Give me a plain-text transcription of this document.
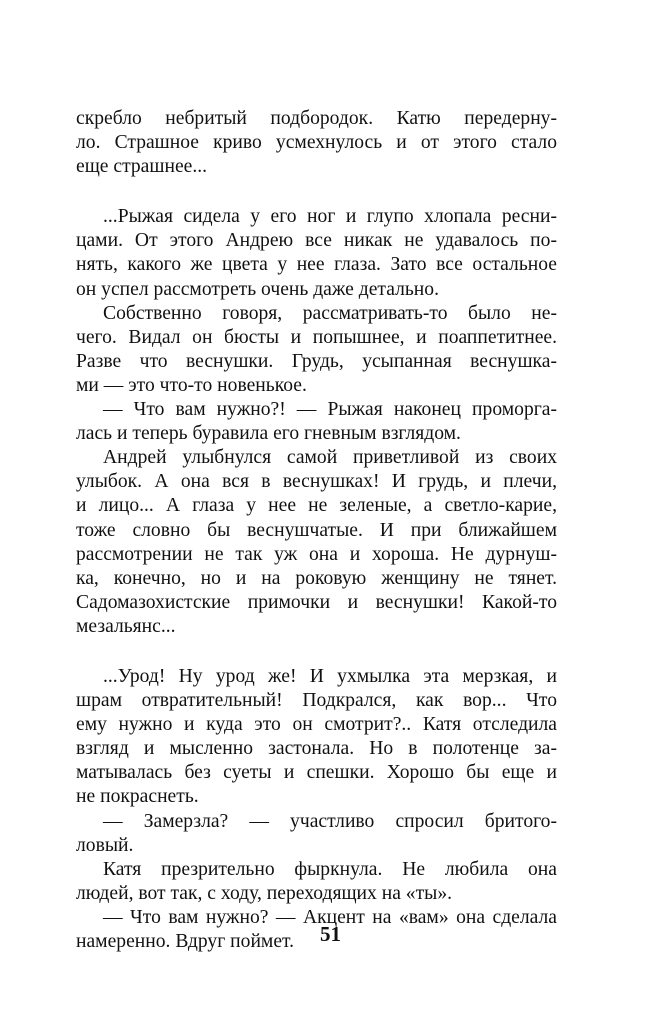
скребло небритый подбородок. Катю передерну-
ло. Страшное криво усмехнулось и от этого стало
еще страшнее...
...Рыжая сидела у его ног и глупо хлопала ресни-
цами. От этого Андрею все никак не удавалось по-
нять, какого же цвета у нее глаза. Зато все остальное
он успел рассмотреть очень даже детально.
Собственно говоря, рассматривать-то было не-
чего. Видал он бюсты и попышнее, и поаппетитнее.
Разве что веснушки. Грудь, усыпанная веснушка-
ми — это что-то новенькое.
— Что вам нужно?! — Рыжая наконец проморга-
лась и теперь буравила его гневным взглядом.
Андрей улыбнулся самой приветливой из своих
улыбок. А она вся в веснушках! И грудь, и плечи,
и лицо... А глаза у нее не зеленые, а светло-карие,
тоже словно бы веснушчатые. И при ближайшем
рассмотрении не так уж она и хороша. Не дурнуш-
ка, конечно, но и на роковую женщину не тянет.
Садомазохистские примочки и веснушки! Какой-то
мезальянс...
...Урод! Ну урод же! И ухмылка эта мерзкая, и
шрам отвратительный! Подкрался, как вор... Что
ему нужно и куда это он смотрит?.. Катя отследила
взгляд и мысленно застонала. Но в полотенце за-
матывалась без суеты и спешки. Хорошо бы еще и
не покраснеть.
— Замерзла? — участливо спросил бритого-
ловый.
Катя презрительно фыркнула. Не любила она
людей, вот так, с ходу, переходящих на «ты».
— Что вам нужно? — Акцент на «вам» она сделала
намеренно. Вдруг поймет.	51
